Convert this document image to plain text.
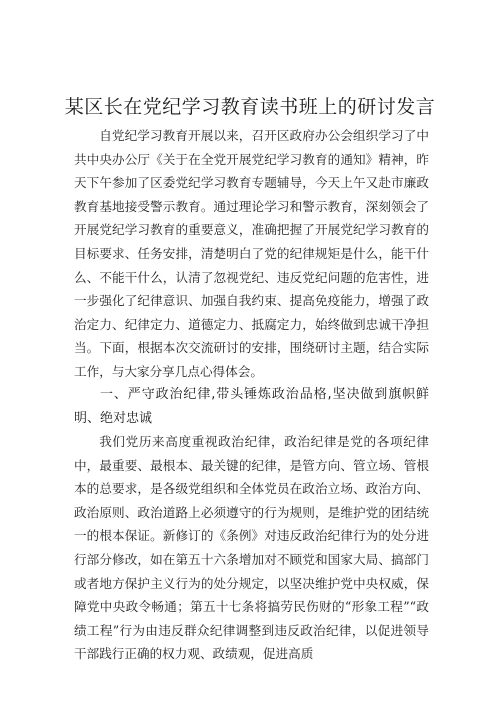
某区长在党纪学习教育读书班上的研讨发言

自党纪学习教育开展以来，召开区政府办公会组织学习了中共中央办公厅《关于在全党开展党纪学习教育的通知》精神，昨天下午参加了区委党纪学习教育专题辅导，今天上午又赴市廉政教育基地接受警示教育。通过理论学习和警示教育，深刻领会了开展党纪学习教育的重要意义，准确把握了开展党纪学习教育的目标要求、任务安排，清楚明白了党的纪律规矩是什么，能干什么、不能干什么，认清了忽视党纪、违反党纪问题的危害性，进一步强化了纪律意识、加强自我约束、提高免疫能力，增强了政治定力、纪律定力、道德定力、抵腐定力，始终做到忠诚干净担当。下面，根据本次交流研讨的安排，围绕研讨主题，结合实际工作，与大家分享几点心得体会。

一、严守政治纪律,带头锤炼政治品格,坚决做到旗帜鲜明、绝对忠诚

我们党历来高度重视政治纪律，政治纪律是党的各项纪律中，最重要、最根本、最关键的纪律，是管方向、管立场、管根本的总要求，是各级党组织和全体党员在政治立场、政治方向、政治原则、政治道路上必须遵守的行为规则，是维护党的团结统一的根本保证。新修订的《条例》对违反政治纪律行为的处分进行部分修改，如在第五十六条增加对不顾党和国家大局、搞部门或者地方保护主义行为的处分规定，以坚决维护党中央权威，保障党中央政令畅通；第五十七条将搞劳民伤财的“形象工程”“政绩工程”行为由违反群众纪律调整到违反政治纪律，以促进领导干部践行正确的权力观、政绩观，促进高质
